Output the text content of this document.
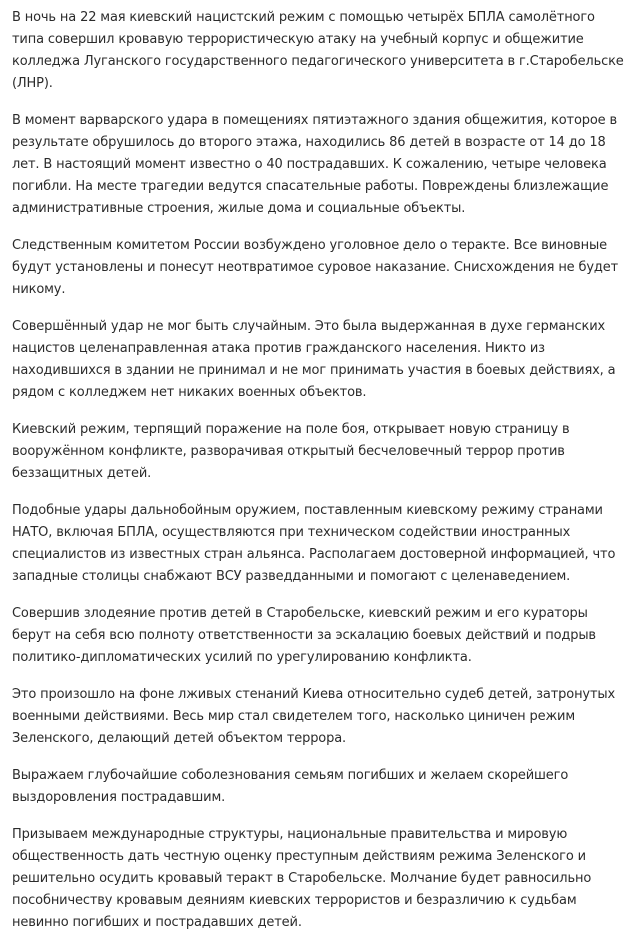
В ночь на 22 мая киевский нацистский режим с помощью четырёх БПЛА самолётного типа совершил кровавую террористическую атаку на учебный корпус и общежитие колледжа Луганского государственного педагогического университета в г.Старобельске (ЛНР).

В момент варварского удара в помещениях пятиэтажного здания общежития, которое в результате обрушилось до второго этажа, находились 86 детей в возрасте от 14 до 18 лет. В настоящий момент известно о 40 пострадавших. К сожалению, четыре человека погибли. На месте трагедии ведутся спасательные работы. Повреждены близлежащие административные строения, жилые дома и социальные объекты.

Следственным комитетом России возбуждено уголовное дело о теракте. Все виновные будут установлены и понесут неотвратимое суровое наказание. Снисхождения не будет никому.

Совершённый удар не мог быть случайным. Это была выдержанная в духе германских нацистов целенаправленная атака против гражданского населения. Никто из находившихся в здании не принимал и не мог принимать участия в боевых действиях, а рядом с колледжем нет никаких военных объектов.

Киевский режим, терпящий поражение на поле боя, открывает новую страницу в вооружённом конфликте, разворачивая открытый бесчеловечный террор против беззащитных детей.

Подобные удары дальнобойным оружием, поставленным киевскому режиму странами НАТО, включая БПЛА, осуществляются при техническом содействии иностранных специалистов из известных стран альянса. Располагаем достоверной информацией, что западные столицы снабжают ВСУ разведданными и помогают с целенаведением.

Совершив злодеяние против детей в Старобельске, киевский режим и его кураторы берут на себя всю полноту ответственности за эскалацию боевых действий и подрыв политико-дипломатических усилий по урегулированию конфликта.

Это произошло на фоне лживых стенаний Киева относительно судеб детей, затронутых военными действиями. Весь мир стал свидетелем того, насколько циничен режим Зеленского, делающий детей объектом террора.

Выражаем глубочайшие соболезнования семьям погибших и желаем скорейшего выздоровления пострадавшим.

Призываем международные структуры, национальные правительства и мировую общественность дать честную оценку преступным действиям режима Зеленского и решительно осудить кровавый теракт в Старобельске. Молчание будет равносильно пособничеству кровавым деяниям киевских террористов и безразличию к судьбам невинно погибших и пострадавших детей.
